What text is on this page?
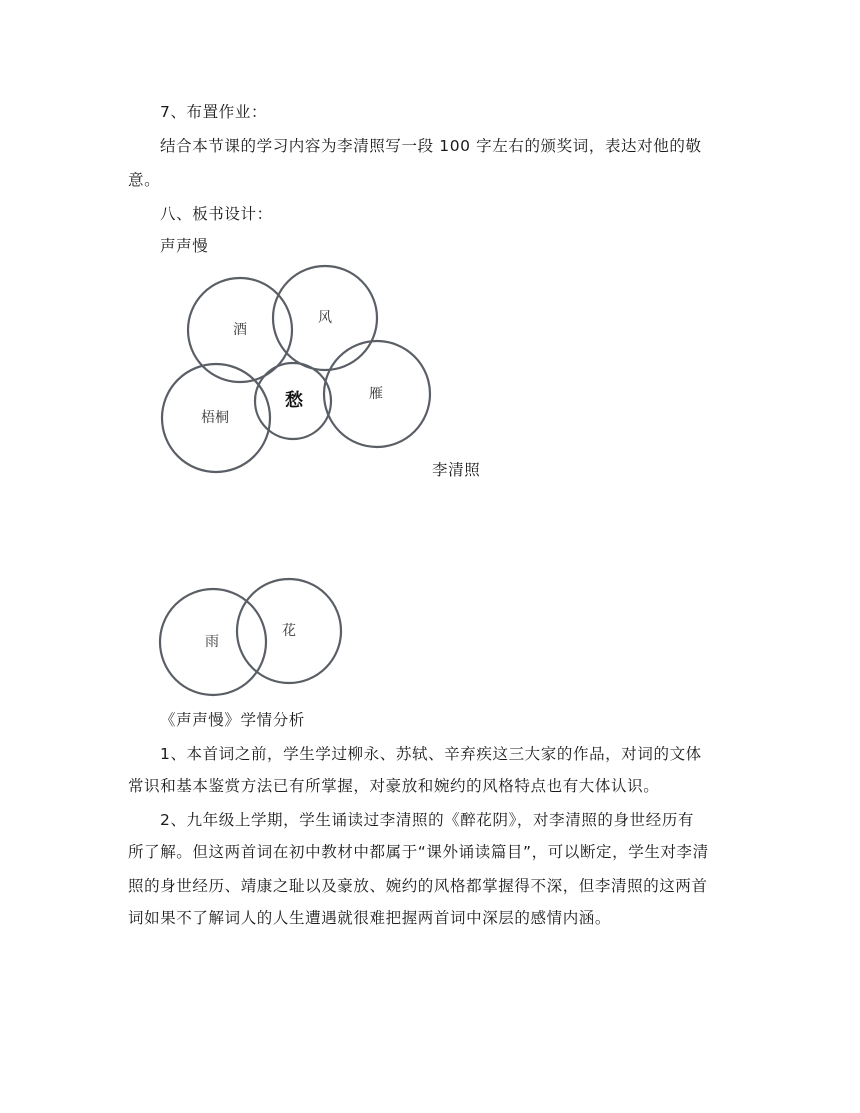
7、布置作业：
结合本节课的学习内容为李清照写一段 100 字左右的颁奖词，表达对他的敬
意。
八、板书设计：
声声慢
酒
风
雁
梧桐
愁
雨
花
李清照
《声声慢》学情分析
1、本首词之前，学生学过柳永、苏轼、辛弃疾这三大家的作品，对词的文体
常识和基本鉴赏方法已有所掌握，对豪放和婉约的风格特点也有大体认识。
2、九年级上学期，学生诵读过李清照的《醉花阴》，对李清照的身世经历有
所了解。但这两首词在初中教材中都属于“课外诵读篇目”，可以断定，学生对李清
照的身世经历、靖康之耻以及豪放、婉约的风格都掌握得不深，但李清照的这两首
词如果不了解词人的人生遭遇就很难把握两首词中深层的感情内涵。
